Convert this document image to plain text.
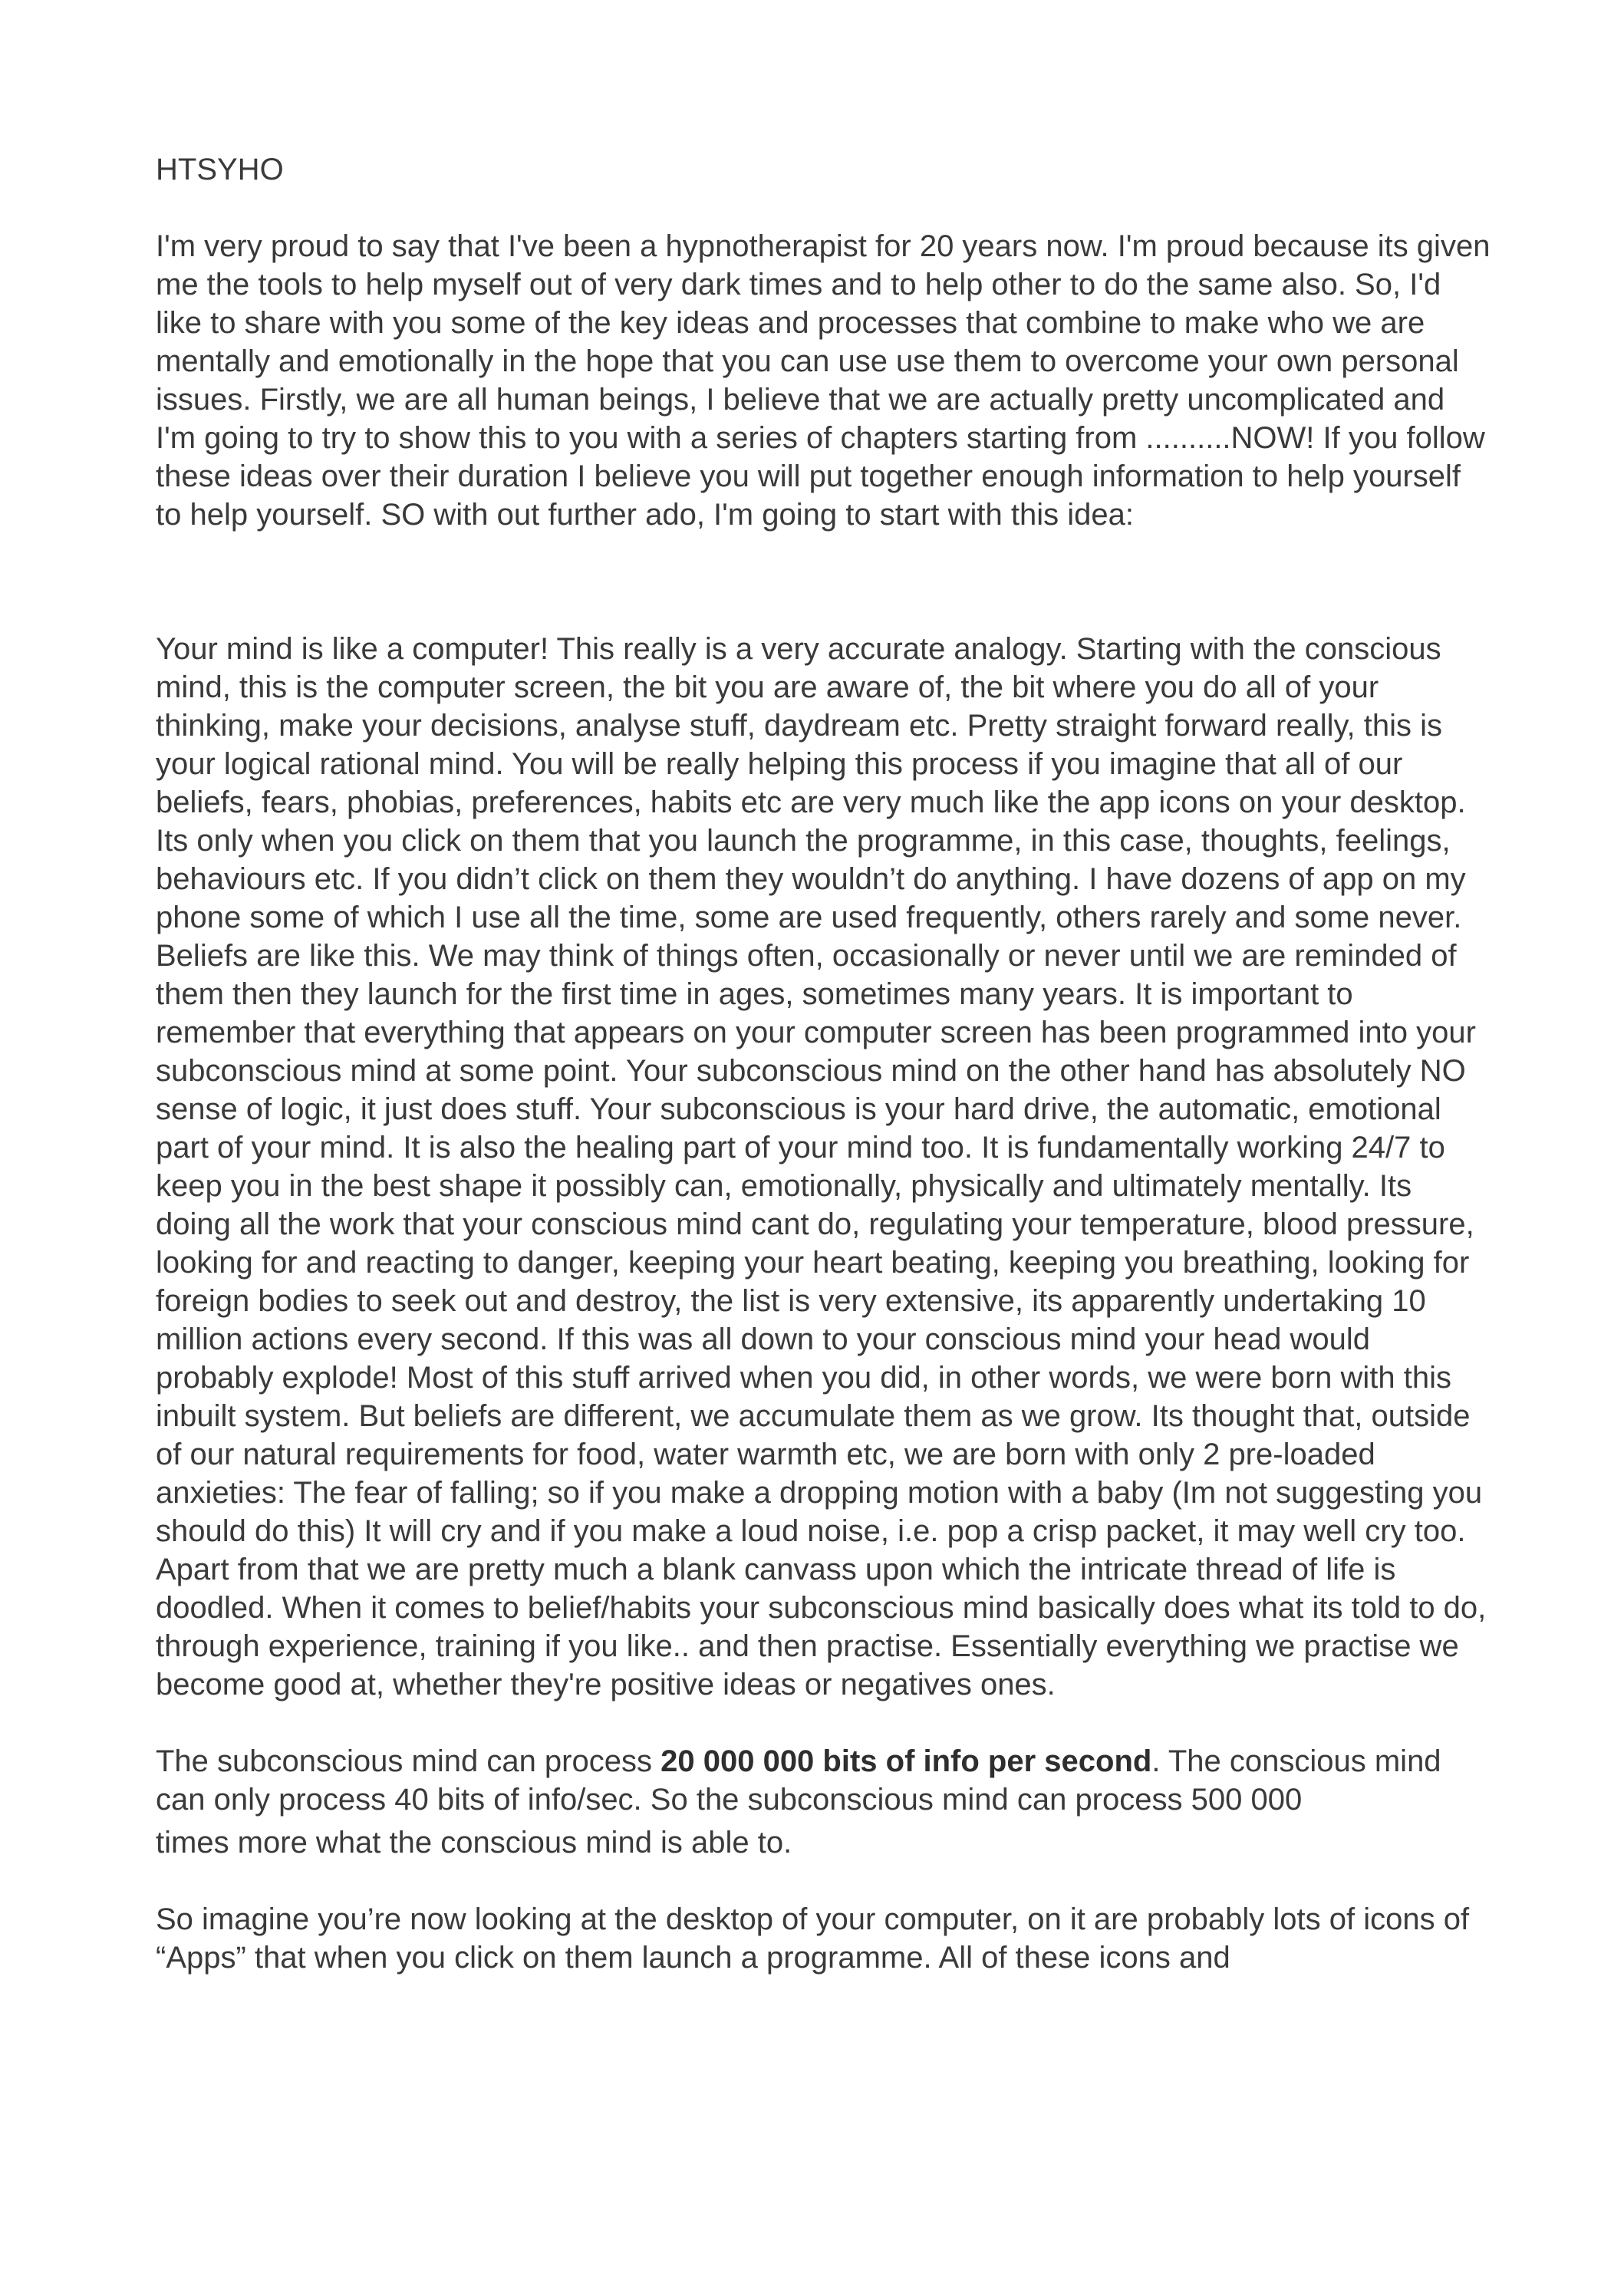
HTSYHO

I'm very proud to say that I've been a hypnotherapist for 20 years now. I'm proud because its given me the tools to help myself out of very dark times and to help other to do the same also. So, I'd like to share with you some of the key ideas and processes that combine to make who we are mentally and emotionally in the hope that you can use use them to overcome your own personal issues. Firstly, we are all human beings, I believe that we are actually pretty uncomplicated and I'm going to try to show this to you with a series of chapters starting from ..........NOW! If you follow these ideas over their duration I believe you will put together enough information to help yourself to help yourself. SO with out further ado, I'm going to start with this idea:

Your mind is like a computer! This really is a very accurate analogy. Starting with the conscious mind, this is the computer screen, the bit you are aware of, the bit where you do all of your thinking, make your decisions, analyse stuff, daydream etc. Pretty straight forward really, this is your logical rational mind. You will be really helping this process if you imagine that all of our beliefs, fears, phobias, preferences, habits etc are very much like the app icons on your desktop. Its only when you click on them that you launch the programme, in this case, thoughts, feelings, behaviours etc. If you didn’t click on them they wouldn’t do anything. I have dozens of app on my phone some of which I use all the time, some are used frequently, others rarely and some never. Beliefs are like this. We may think of things often, occasionally or never until we are reminded of them then they launch for the first time in ages, sometimes many years. It is important to remember that everything that appears on your computer screen has been programmed into your subconscious mind at some point. Your subconscious mind on the other hand has absolutely NO sense of logic, it just does stuff. Your subconscious is your hard drive, the automatic, emotional part of your mind. It is also the healing part of your mind too. It is fundamentally working 24/7 to keep you in the best shape it possibly can, emotionally, physically and ultimately mentally. Its doing all the work that your conscious mind cant do, regulating your temperature, blood pressure, looking for and reacting to danger, keeping your heart beating, keeping you breathing, looking for foreign bodies to seek out and destroy, the list is very extensive, its apparently undertaking 10 million actions every second. If this was all down to your conscious mind your head would probably explode! Most of this stuff arrived when you did, in other words, we were born with this inbuilt system. But beliefs are different, we accumulate them as we grow. Its thought that, outside of our natural requirements for food, water warmth etc, we are born with only 2 pre-loaded anxieties: The fear of falling; so if you make a dropping motion with a baby (Im not suggesting you should do this) It will cry and if you make a loud noise, i.e. pop a crisp packet, it may well cry too. Apart from that we are pretty much a blank canvass upon which the intricate thread of life is doodled. When it comes to belief/habits your subconscious mind basically does what its told to do, through experience, training if you like.. and then practise. Essentially everything we practise we become good at, whether they're positive ideas or negatives ones.

The subconscious mind can process 20 000 000 bits of info per second. The conscious mind can only process 40 bits of info/sec. So the subconscious mind can process 500 000
times more what the conscious mind is able to.

So imagine you’re now looking at the desktop of your computer, on it are probably lots of icons of “Apps” that when you click on them launch a programme. All of these icons and
